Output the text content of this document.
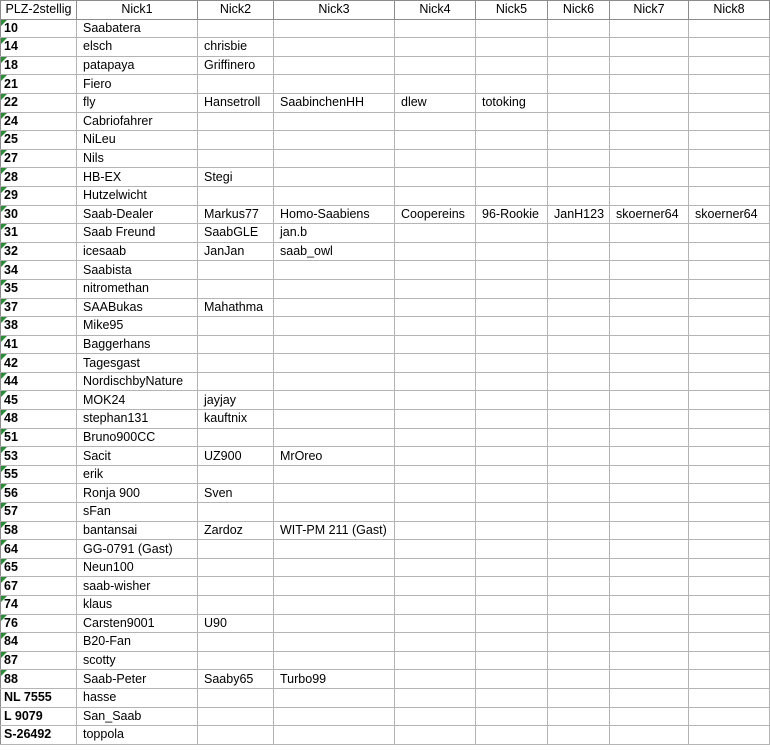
PLZ-2stellig	Nick1	Nick2	Nick3	Nick4	Nick5	Nick6	Nick7	Nick8
10	Saabatera							
14	elsch	chrisbie						
18	patapaya	Griffinero						
21	Fiero							
22	fly	Hansetroll	SaabinchenHH	dlew	totoking			
24	Cabriofahrer							
25	NiLeu							
27	Nils							
28	HB-EX	Stegi						
29	Hutzelwicht							
30	Saab-Dealer	Markus77	Homo-Saabiens	Coopereins	96-Rookie	JanH123	skoerner64	skoerner64
31	Saab Freund	SaabGLE	jan.b					
32	icesaab	JanJan	saab_owl					
34	Saabista							
35	nitromethan							
37	SAABukas	Mahathma						
38	Mike95							
41	Baggerhans							
42	Tagesgast							
44	NordischbyNature							
45	MOK24	jayjay						
48	stephan131	kauftnix						
51	Bruno900CC							
53	Sacit	UZ900	MrOreo					
55	erik							
56	Ronja 900	Sven						
57	sFan							
58	bantansai	Zardoz	WIT-PM 211 (Gast)					
64	GG-0791 (Gast)							
65	Neun100							
67	saab-wisher							
74	klaus							
76	Carsten9001	U90						
84	B20-Fan							
87	scotty							
88	Saab-Peter	Saaby65	Turbo99					
NL 7555	hasse							
L 9079	San_Saab							
S-26492	toppola							
